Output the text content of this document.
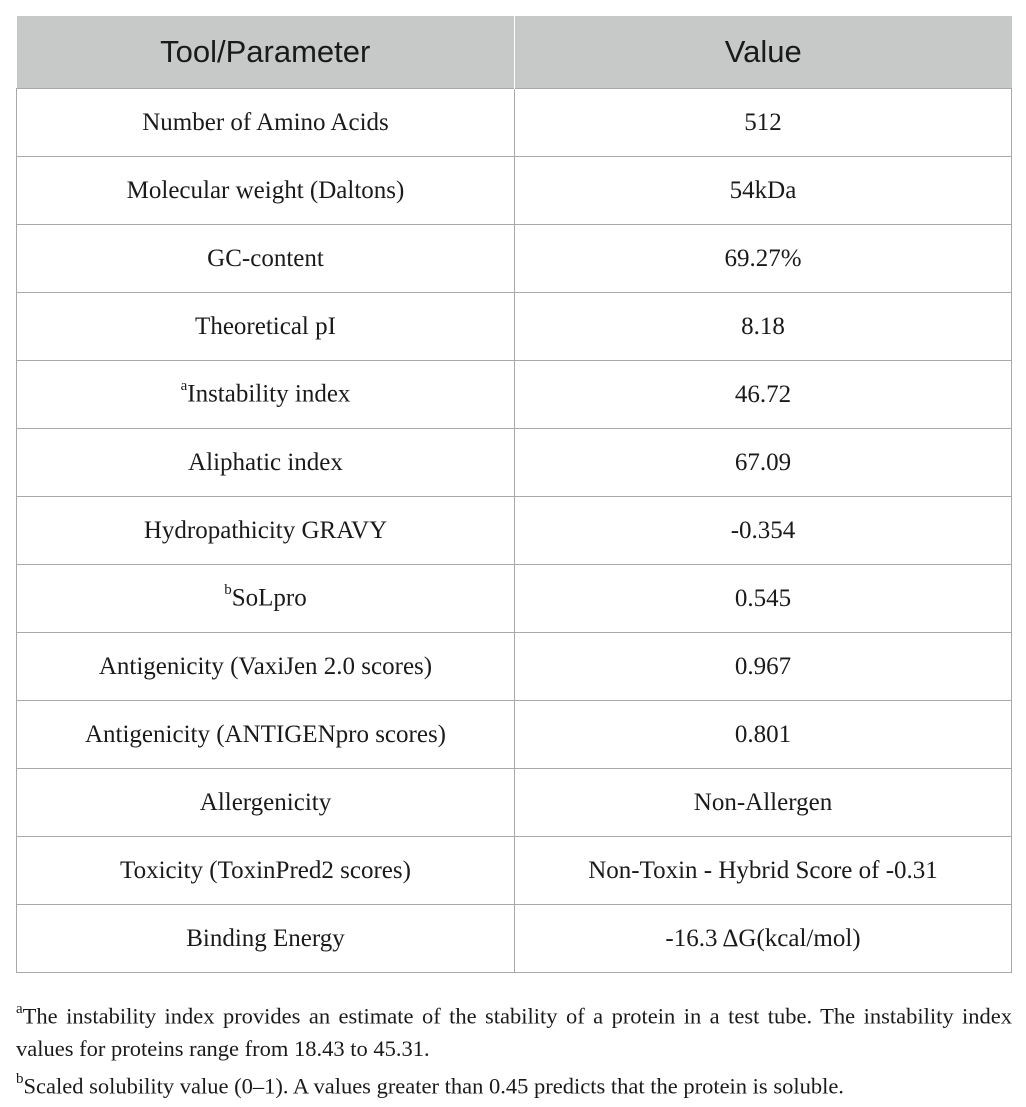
Tool/Parameter	Value
Number of Amino Acids	512
Molecular weight (Daltons)	54kDa
GC-content	69.27%
Theoretical pI	8.18
$^a$Instability index	46.72
Aliphatic index	67.09
Hydropathicity GRAVY	-0.354
$^b$SoLpro	0.545
Antigenicity (VaxiJen 2.0 scores)	0.967
Antigenicity (ANTIGENpro scores)	0.801
Allergenicity	Non-Allergen
Toxicity (ToxinPred2 scores)	Non-Toxin - Hybrid Score of -0.31
Binding Energy	-16.3 ΔG(kcal/mol)

$^a$The instability index provides an estimate of the stability of a protein in a test tube. The instability index values for proteins range from 18.43 to 45.31.

$^b$Scaled solubility value (0–1). A values greater than 0.45 predicts that the protein is soluble.
